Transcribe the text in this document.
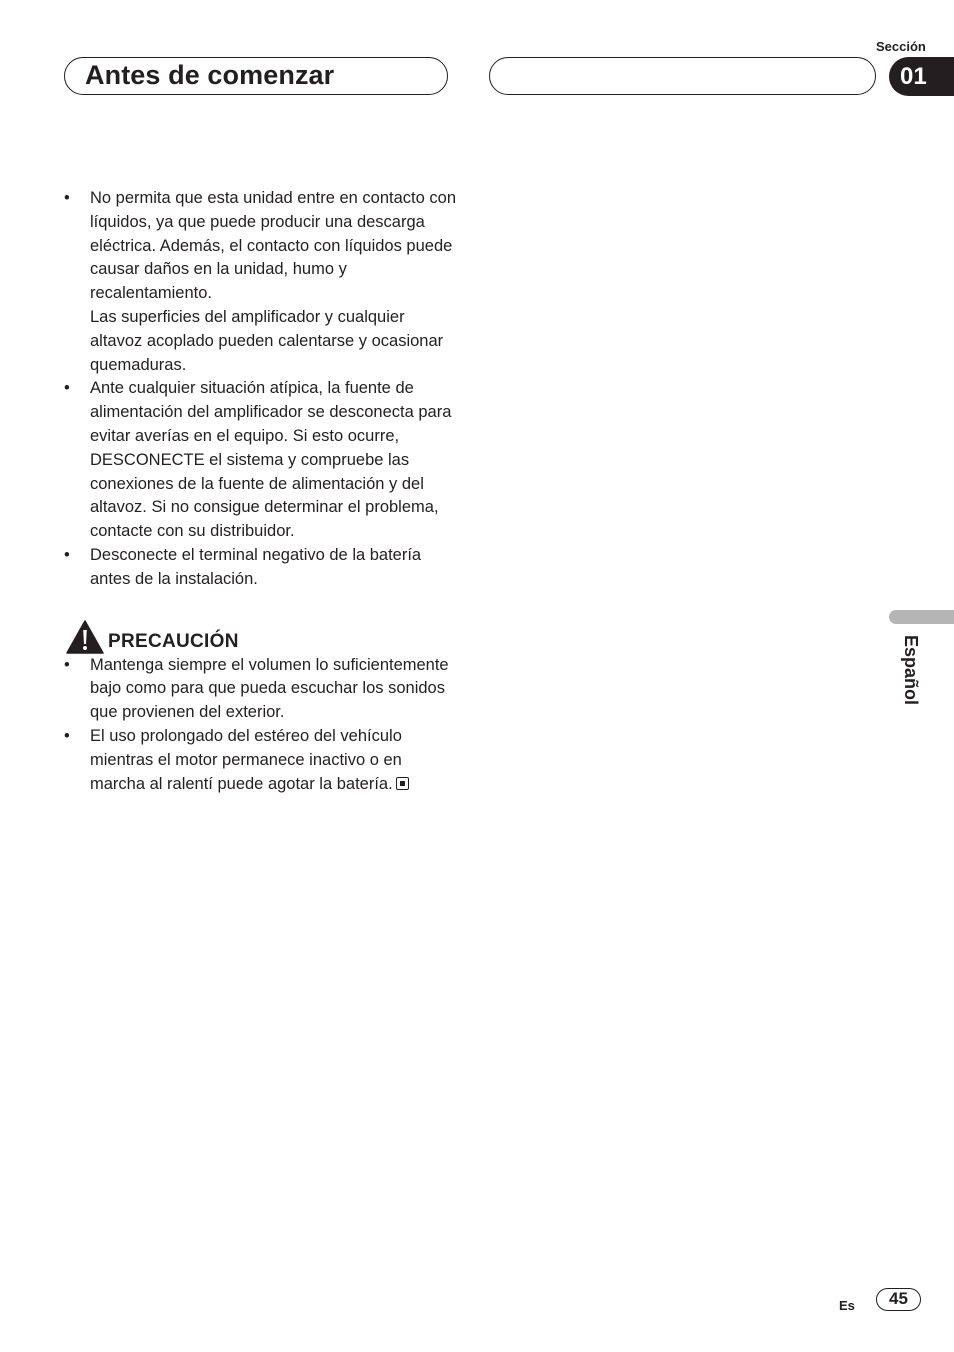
Sección
Antes de comenzar	01
• No permita que esta unidad entre en contacto con líquidos, ya que puede producir una descarga eléctrica. Además, el contacto con líquidos puede causar daños en la unidad, humo y recalentamiento.
Las superficies del amplificador y cualquier altavoz acoplado pueden calentarse y ocasionar quemaduras.
• Ante cualquier situación atípica, la fuente de alimentación del amplificador se desconecta para evitar averías en el equipo. Si esto ocurre, DESCONECTE el sistema y compruebe las conexiones de la fuente de alimentación y del altavoz. Si no consigue determinar el problema, contacte con su distribuidor.
• Desconecte el terminal negativo de la batería antes de la instalación.
PRECAUCIÓN
• Mantenga siempre el volumen lo suficientemente bajo como para que pueda escuchar los sonidos que provienen del exterior.
• El uso prolongado del estéreo del vehículo mientras el motor permanece inactivo o en marcha al ralentí puede agotar la batería.
Español
Es	45
